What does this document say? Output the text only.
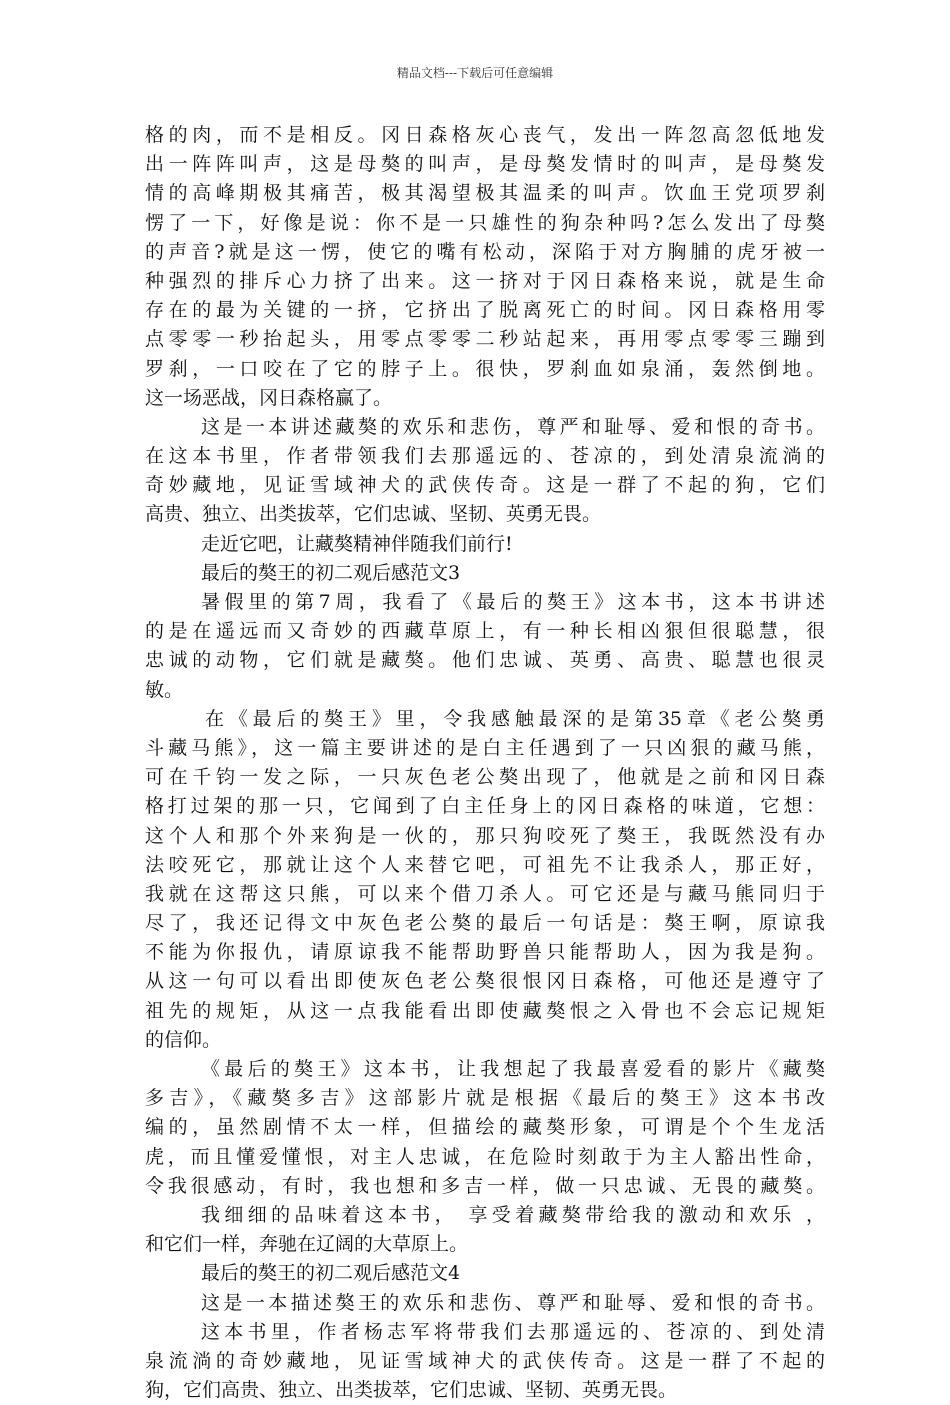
精品文档---下载后可任意编辑
格的肉，而不是相反。冈日森格灰心丧气，发出一阵忽高忽低地发
出一阵阵叫声，这是母獒的叫声，是母獒发情时的叫声，是母獒发
情的高峰期极其痛苦，极其渴望极其温柔的叫声。饮血王党项罗刹
愣了一下，好像是说：你不是一只雄性的狗杂种吗?怎么发出了母獒
的声音?就是这一愣，使它的嘴有松动，深陷于对方胸脯的虎牙被一
种强烈的排斥心力挤了出来。这一挤对于冈日森格来说，就是生命
存在的最为关键的一挤，它挤出了脱离死亡的时间。冈日森格用零
点零零一秒抬起头，用零点零零二秒站起来，再用零点零零三蹦到
罗刹，一口咬在了它的脖子上。很快，罗刹血如泉涌，轰然倒地。
这一场恶战，冈日森格赢了。
这是一本讲述藏獒的欢乐和悲伤，尊严和耻辱、爱和恨的奇书。
在这本书里，作者带领我们去那遥远的、苍凉的，到处清泉流淌的
奇妙藏地，见证雪域神犬的武侠传奇。这是一群了不起的狗，它们
高贵、独立、出类拔萃，它们忠诚、坚韧、英勇无畏。
走近它吧，让藏獒精神伴随我们前行!
最后的獒王的初二观后感范文3
暑假里的第7周，我看了《最后的獒王》这本书，这本书讲述
的是在遥远而又奇妙的西藏草原上，有一种长相凶狠但很聪慧，很
忠诚的动物，它们就是藏獒。他们忠诚、英勇、高贵、聪慧也很灵
敏。
在《最后的獒王》里，令我感触最深的是第35章《老公獒勇
斗藏马熊》，这一篇主要讲述的是白主任遇到了一只凶狠的藏马熊，
可在千钧一发之际，一只灰色老公獒出现了，他就是之前和冈日森
格打过架的那一只，它闻到了白主任身上的冈日森格的味道，它想：
这个人和那个外来狗是一伙的，那只狗咬死了獒王，我既然没有办
法咬死它，那就让这个人来替它吧，可祖先不让我杀人，那正好，
我就在这帮这只熊，可以来个借刀杀人。可它还是与藏马熊同归于
尽了，我还记得文中灰色老公獒的最后一句话是：獒王啊，原谅我
不能为你报仇，请原谅我不能帮助野兽只能帮助人，因为我是狗。
从这一句可以看出即使灰色老公獒很恨冈日森格，可他还是遵守了
祖先的规矩，从这一点我能看出即使藏獒恨之入骨也不会忘记规矩
的信仰。
《最后的獒王》这本书，让我想起了我最喜爱看的影片《藏獒
多吉》，《藏獒多吉》这部影片就是根据《最后的獒王》这本书改
编的，虽然剧情不太一样，但描绘的藏獒形象，可谓是个个生龙活
虎，而且懂爱懂恨，对主人忠诚，在危险时刻敢于为主人豁出性命，
令我很感动，有时，我也想和多吉一样，做一只忠诚、无畏的藏獒。
我细细的品味着这本书， 享受着藏獒带给我的激动和欢乐 ，
和它们一样，奔驰在辽阔的大草原上。
最后的獒王的初二观后感范文4
这是一本描述獒王的欢乐和悲伤、尊严和耻辱、爱和恨的奇书。
这本书里，作者杨志军将带我们去那遥远的、苍凉的、到处清
泉流淌的奇妙藏地，见证雪域神犬的武侠传奇。这是一群了不起的
狗，它们高贵、独立、出类拔萃，它们忠诚、坚韧、英勇无畏。
